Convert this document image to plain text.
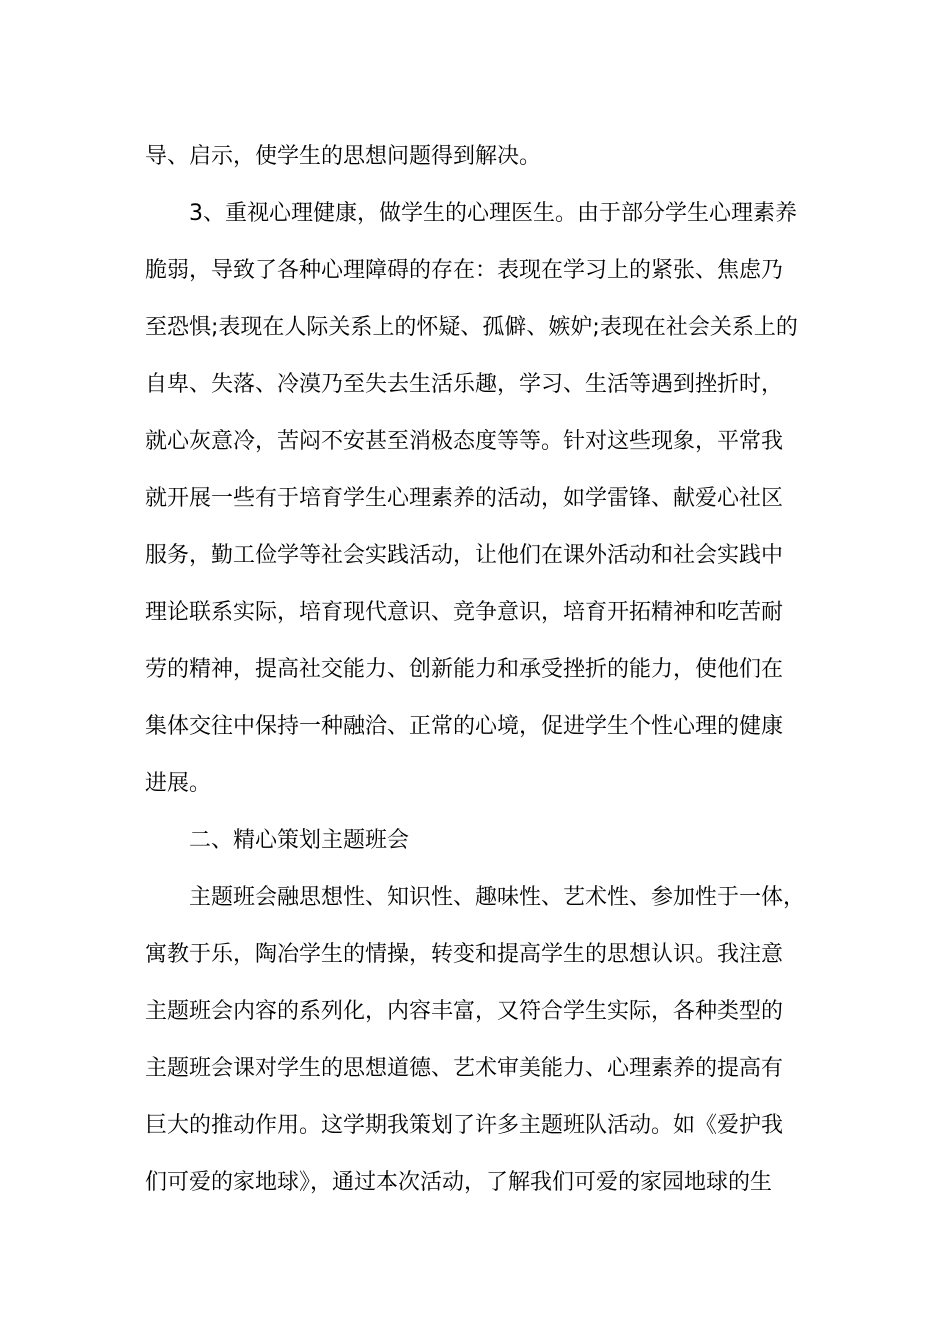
导、启示，使学生的思想问题得到解决。

3、重视心理健康，做学生的心理医生。由于部分学生心理素养

脆弱，导致了各种心理障碍的存在：表现在学习上的紧张、焦虑乃

至恐惧;表现在人际关系上的怀疑、孤僻、嫉妒;表现在社会关系上的

自卑、失落、冷漠乃至失去生活乐趣，学习、生活等遇到挫折时，

就心灰意冷，苦闷不安甚至消极态度等等。针对这些现象，平常我

就开展一些有于培育学生心理素养的活动，如学雷锋、献爱心社区

服务，勤工俭学等社会实践活动，让他们在课外活动和社会实践中

理论联系实际，培育现代意识、竞争意识，培育开拓精神和吃苦耐

劳的精神，提高社交能力、创新能力和承受挫折的能力，使他们在

集体交往中保持一种融洽、正常的心境，促进学生个性心理的健康

进展。

二、精心策划主题班会

主题班会融思想性、知识性、趣味性、艺术性、参加性于一体，

寓教于乐，陶冶学生的情操，转变和提高学生的思想认识。我注意

主题班会内容的系列化，内容丰富，又符合学生实际，各种类型的

主题班会课对学生的思想道德、艺术审美能力、心理素养的提高有

巨大的推动作用。这学期我策划了许多主题班队活动。如《爱护我

们可爱的家地球》，通过本次活动，了解我们可爱的家园地球的生
